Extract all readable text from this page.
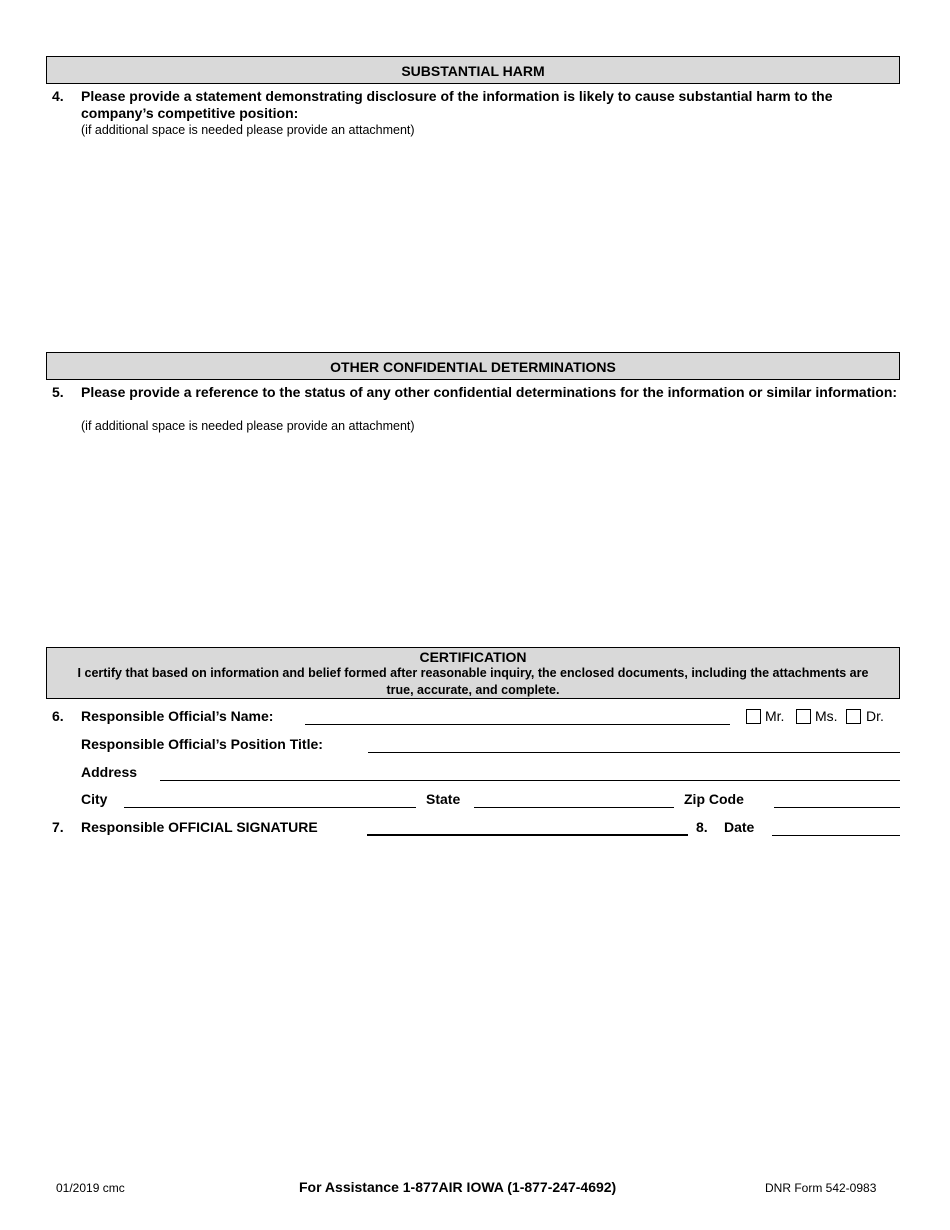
SUBSTANTIAL HARM
4. Please provide a statement demonstrating disclosure of the information is likely to cause substantial harm to the company’s competitive position:
(if additional space is needed please provide an attachment)
OTHER CONFIDENTIAL DETERMINATIONS
5. Please provide a reference to the status of any other confidential determinations for the information or similar information:
(if additional space is needed please provide an attachment)
CERTIFICATION
I certify that based on information and belief formed after reasonable inquiry, the enclosed documents, including the attachments are true, accurate, and complete.
6. Responsible Official’s Name:	Mr. Ms. Dr.
Responsible Official’s Position Title:
Address
City	State	Zip Code
7. Responsible OFFICIAL SIGNATURE	8. Date
01/2019 cmc	For Assistance 1-877AIR IOWA (1-877-247-4692)	DNR Form 542-0983
